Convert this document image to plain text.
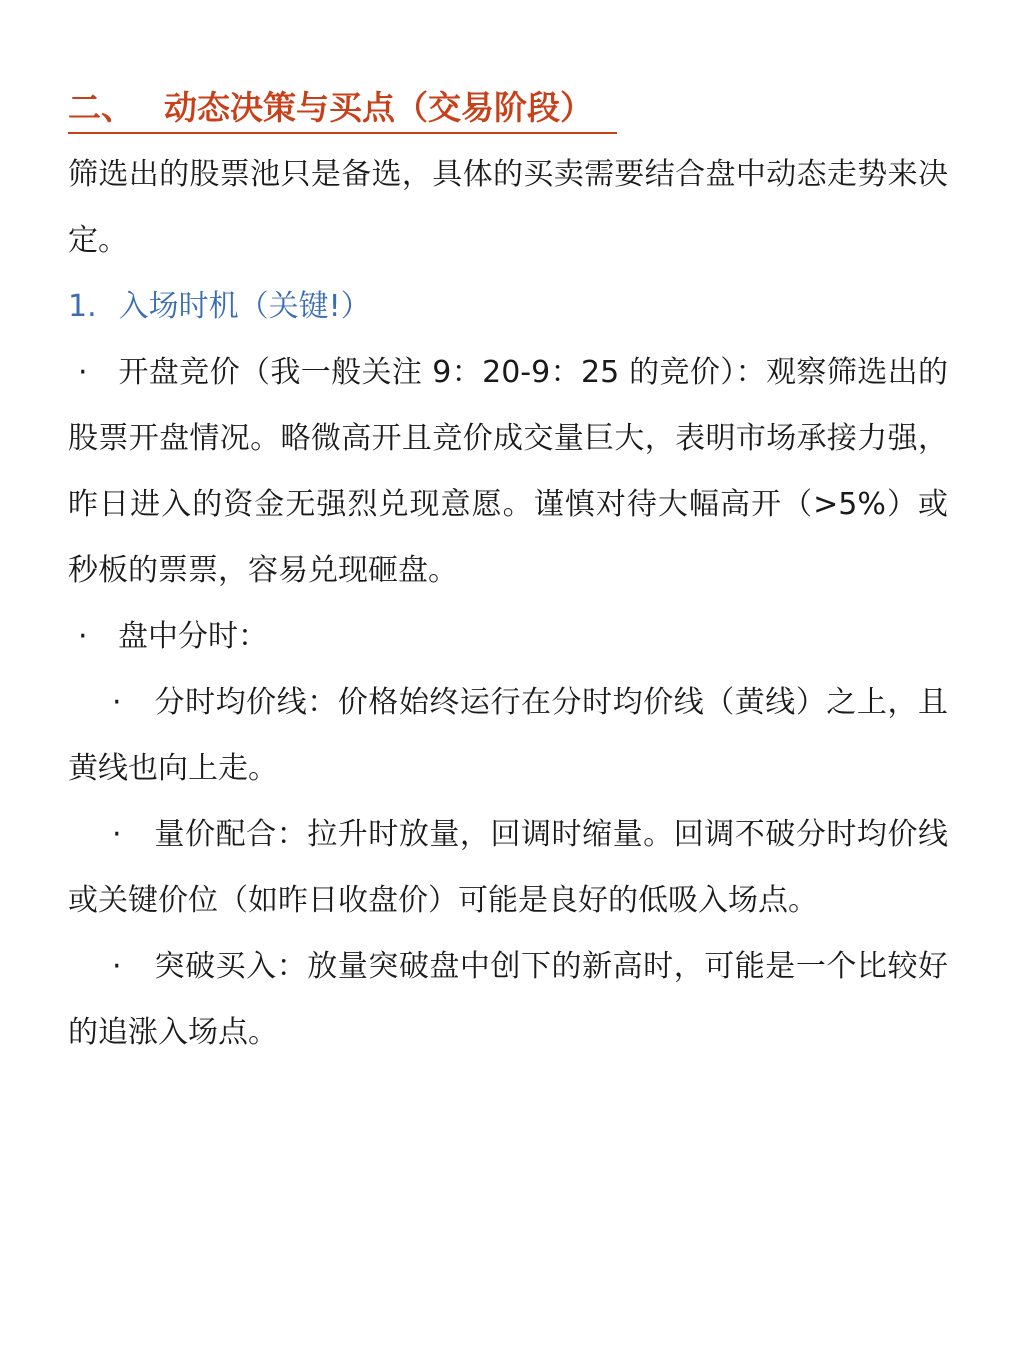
二、 动态决策与买点（交易阶段）

筛选出的股票池只是备选，具体的买卖需要结合盘中动态走势来决定。

1. 入场时机（关键!）

· 开盘竞价（我一般关注 9：20-9：25 的竞价）：观察筛选出的股票开盘情况。略微高开且竞价成交量巨大，表明市场承接力强，昨日进入的资金无强烈兑现意愿。谨慎对待大幅高开（>5%）或秒板的票票，容易兑现砸盘。

· 盘中分时：

· 分时均价线：价格始终运行在分时均价线（黄线）之上，且黄线也向上走。

· 量价配合：拉升时放量，回调时缩量。回调不破分时均价线或关键价位（如昨日收盘价）可能是良好的低吸入场点。

· 突破买入：放量突破盘中创下的新高时，可能是一个比较好的追涨入场点。
